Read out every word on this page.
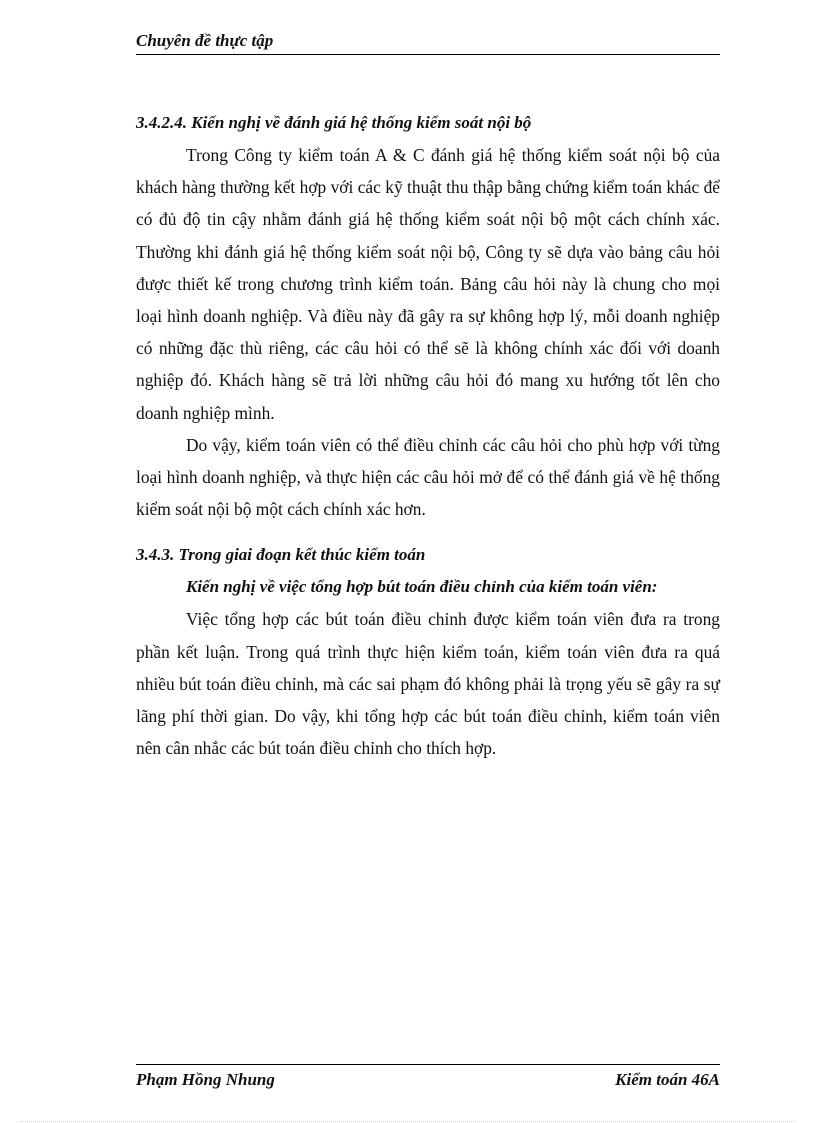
Chuyên đề thực tập

3.4.2.4. Kiến nghị về đánh giá hệ thống kiểm soát nội bộ

Trong Công ty kiểm toán A & C đánh giá hệ thống kiểm soát nội bộ của khách hàng thường kết hợp với các kỹ thuật thu thập bằng chứng kiểm toán khác để có đủ độ tin cậy nhằm đánh giá hệ thống kiểm soát nội bộ một cách chính xác. Thường khi đánh giá hệ thống kiểm soát nội bộ, Công ty sẽ dựa vào bảng câu hỏi được thiết kế trong chương trình kiểm toán. Bảng câu hỏi này là chung cho mọi loại hình doanh nghiệp. Và điều này đã gây ra sự không hợp lý, mỗi doanh nghiệp có những đặc thù riêng, các câu hỏi có thể sẽ là không chính xác đối với doanh nghiệp đó. Khách hàng sẽ trả lời những câu hỏi đó mang xu hướng tốt lên cho doanh nghiệp mình.

Do vậy, kiểm toán viên có thể điều chỉnh các câu hỏi cho phù hợp với từng loại hình doanh nghiệp, và thực hiện các câu hỏi mở để có thể đánh giá về hệ thống kiểm soát nội bộ một cách chính xác hơn.

3.4.3. Trong giai đoạn kết thúc kiểm toán

Kiến nghị về việc tổng hợp bút toán điều chỉnh của kiểm toán viên:

Việc tổng hợp các bút toán điều chỉnh được kiểm toán viên đưa ra trong phần kết luận. Trong quá trình thực hiện kiểm toán, kiểm toán viên đưa ra quá nhiều bút toán điều chỉnh, mà các sai phạm đó không phải là trọng yếu sẽ gây ra sự lãng phí thời gian. Do vậy, khi tổng hợp các bút toán điều chỉnh, kiểm toán viên nên cân nhắc các bút toán điều chỉnh cho thích hợp.

Phạm Hồng Nhung	Kiểm toán 46A
